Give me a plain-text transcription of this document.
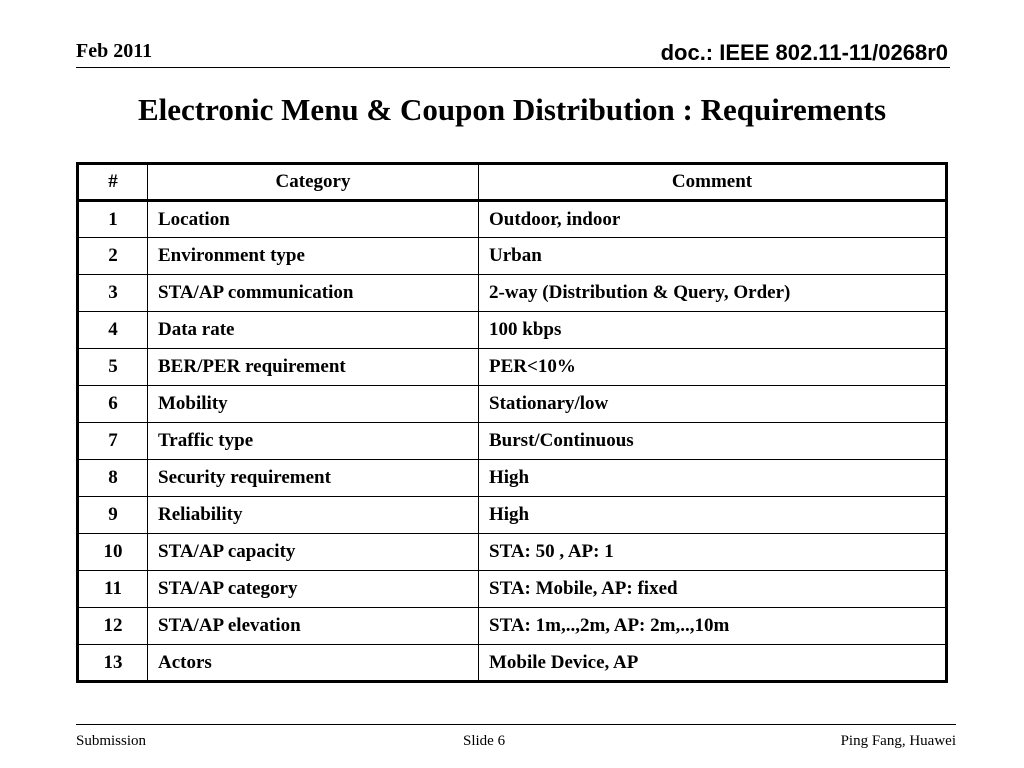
Feb 2011	doc.: IEEE 802.11-11/0268r0
Electronic Menu & Coupon Distribution : Requirements
#	Category	Comment
1	Location	Outdoor, indoor
2	Environment type	Urban
3	STA/AP communication	2-way (Distribution & Query, Order)
4	Data rate	100 kbps
5	BER/PER requirement	PER<10%
6	Mobility	Stationary/low
7	Traffic type	Burst/Continuous
8	Security requirement	High
9	Reliability	High
10	STA/AP capacity	STA: 50 , AP: 1
11	STA/AP category	STA: Mobile, AP: fixed
12	STA/AP elevation	STA: 1m,..,2m, AP: 2m,..,10m
13	Actors	Mobile Device, AP
Submission	Slide 6	Ping Fang, Huawei
